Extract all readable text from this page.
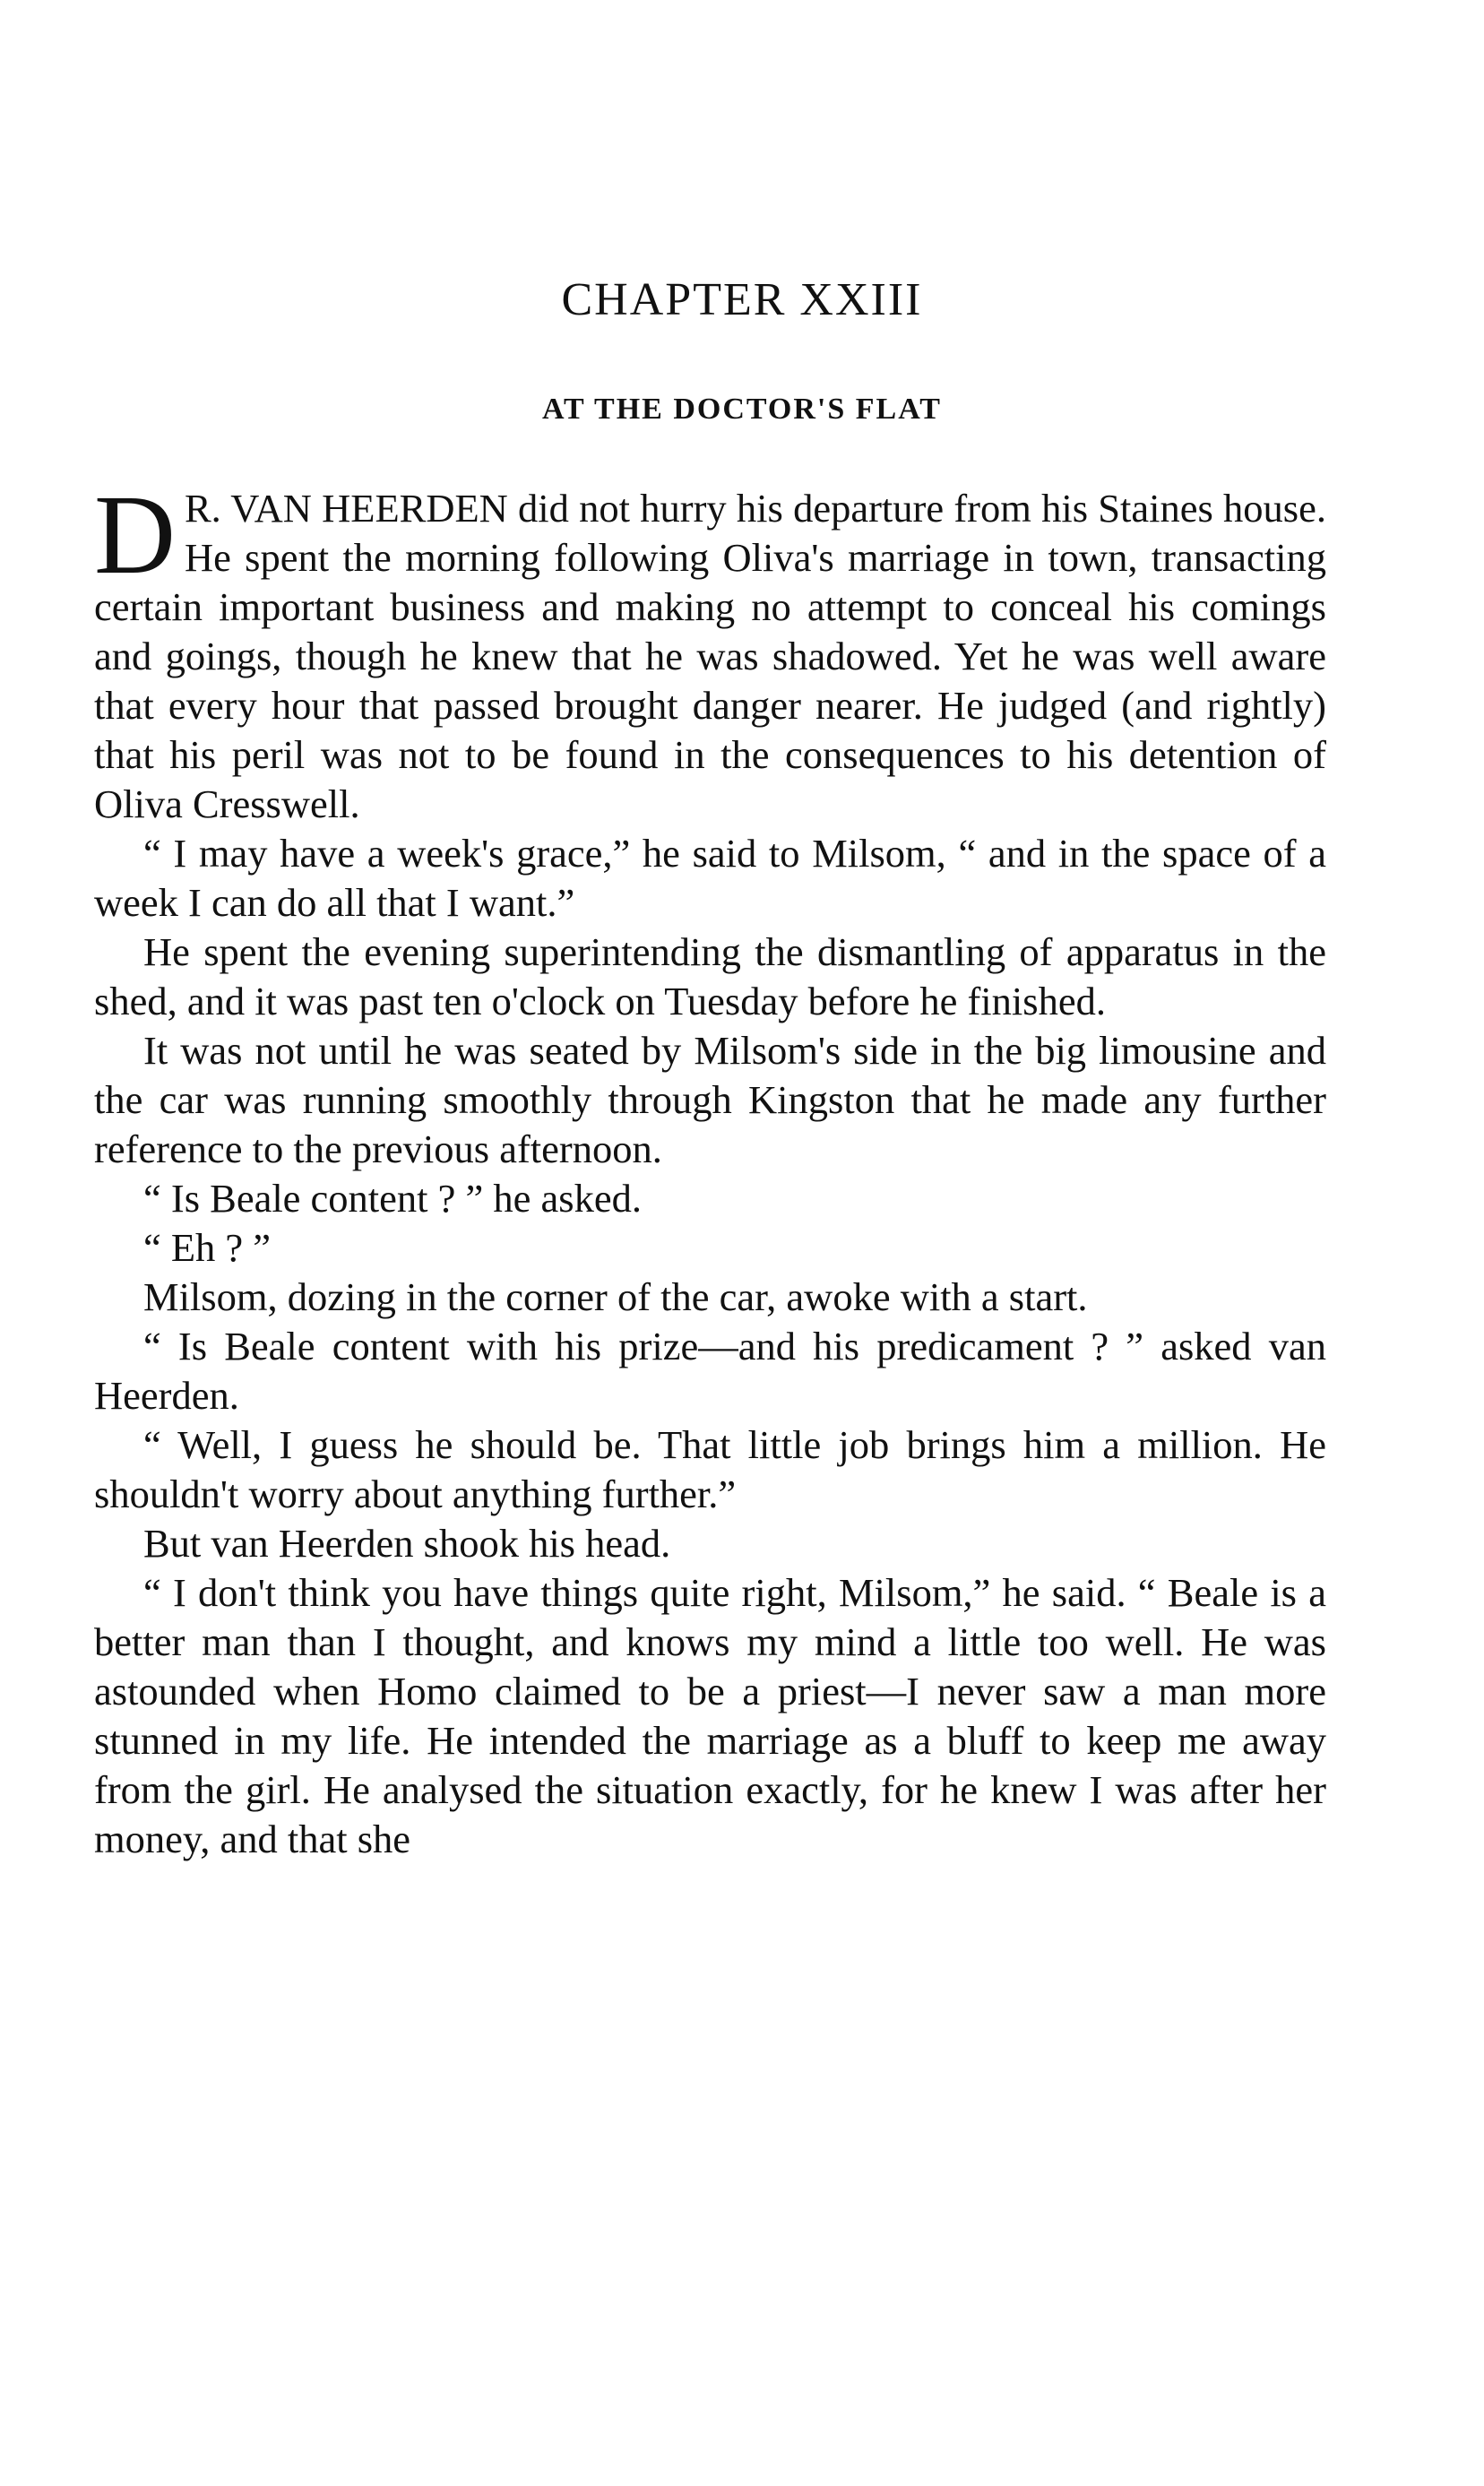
CHAPTER XXIII
AT THE DOCTOR'S FLAT

D R. VAN HEERDEN did not hurry his departure from his Staines house. He spent the morning following Oliva's marriage in town, transacting certain important business and making no attempt to conceal his comings and goings, though he knew that he was shadowed. Yet he was well aware that every hour that passed brought danger nearer. He judged (and rightly) that his peril was not to be found in the consequences to his detention of Oliva Cresswell.

“ I may have a week's grace,” he said to Milsom, “ and in the space of a week I can do all that I want.”

He spent the evening superintending the dismantling of apparatus in the shed, and it was past ten o'clock on Tuesday before he finished.

It was not until he was seated by Milsom's side in the big limousine and the car was running smoothly through Kingston that he made any further reference to the previous afternoon.

“ Is Beale content ? ” he asked.

“ Eh ? ”

Milsom, dozing in the corner of the car, awoke with a start.

“ Is Beale content with his prize—and his predicament ? ” asked van Heerden.

“ Well, I guess he should be. That little job brings him a million. He shouldn't worry about anything further.”

But van Heerden shook his head.

“ I don't think you have things quite right, Milsom,” he said. “ Beale is a better man than I thought, and knows my mind a little too well. He was astounded when Homo claimed to be a priest—I never saw a man more stunned in my life. He intended the marriage as a bluff to keep me away from the girl. He analysed the situation exactly, for he knew I was after her money, and that she
